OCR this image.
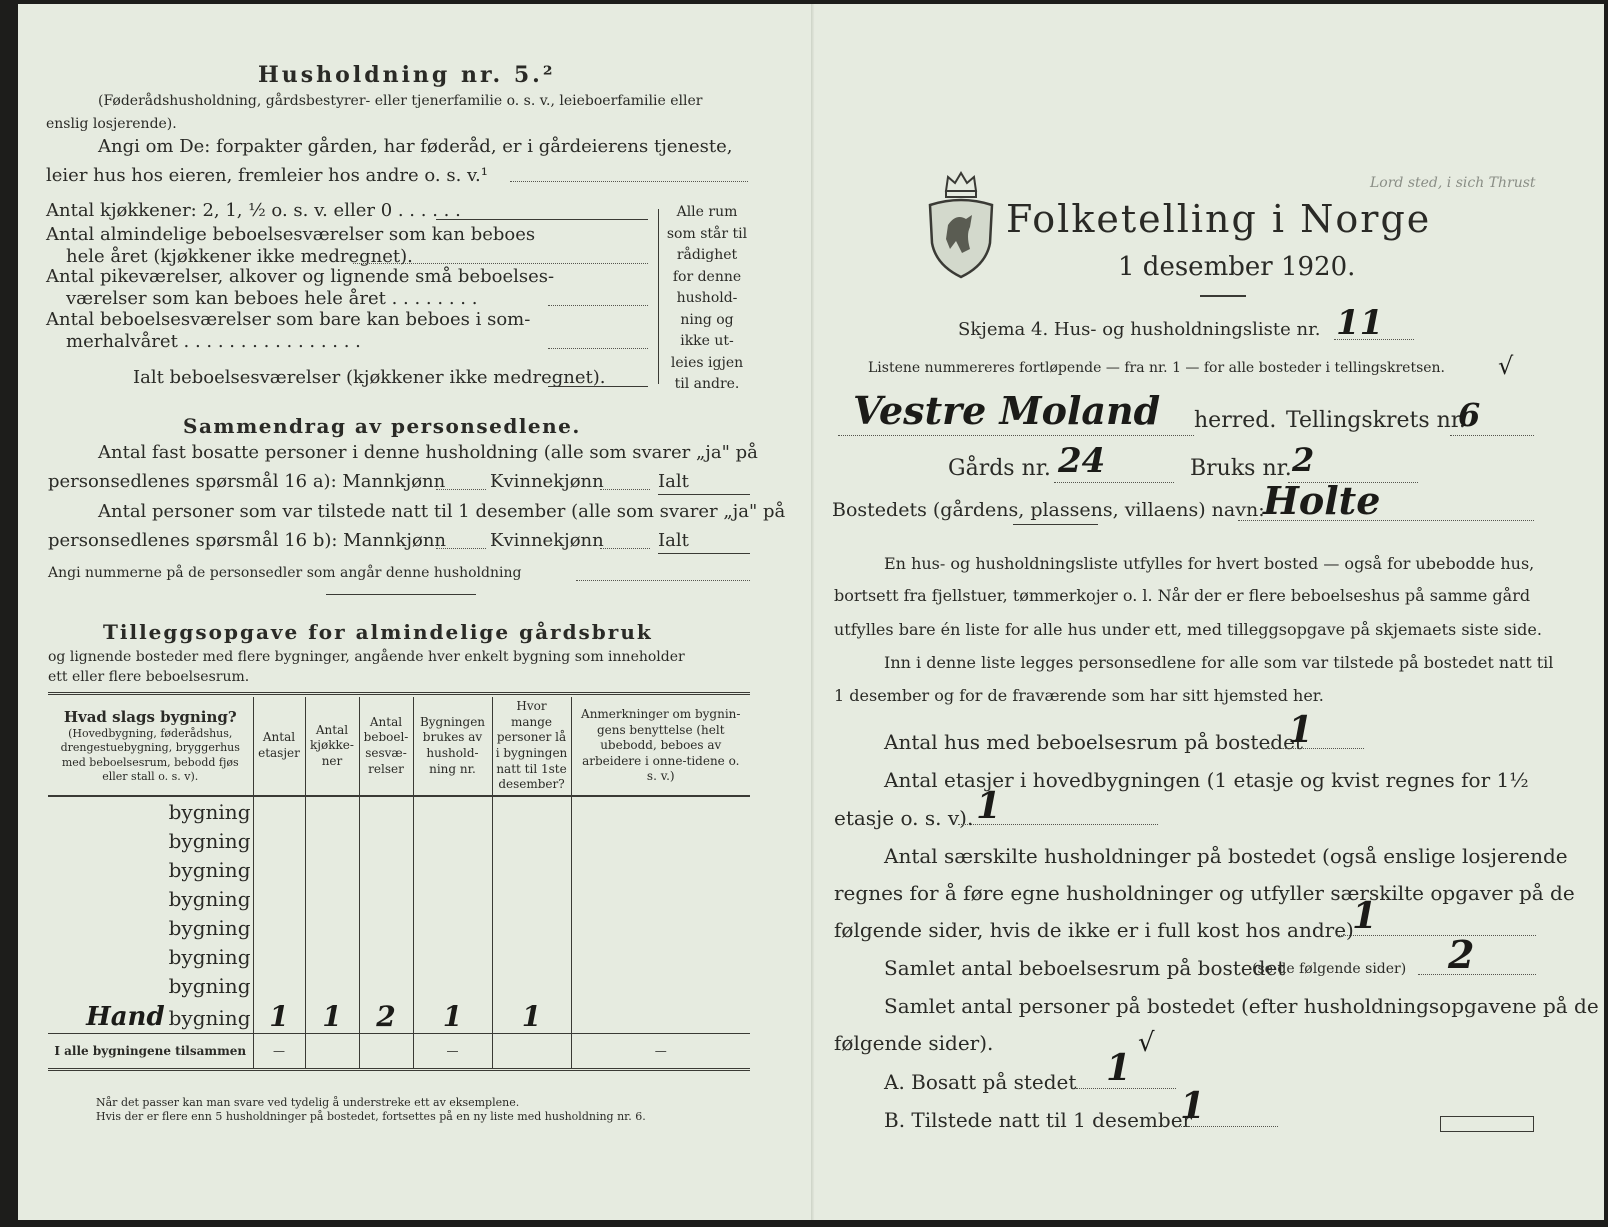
Husholdning nr. 5.²
(Føderådshusholdning, gårdsbestyrer- eller tjenerfamilie o. s. v., leieboerfamilie eller
enslig losjerende).
Angi om De: forpakter gården, har føderåd, er i gårdeierens tjeneste,
leier hus hos eieren, fremleier hos andre o. s. v.¹
Antal kjøkkener: 2, 1, ½ o. s. v. eller 0 . . . . . .
Antal almindelige beboelsesværelser som kan beboes
hele året (kjøkkener ikke medregnet).
Antal pikeværelser, alkover og lignende små beboelses-
værelser som kan beboes hele året . . . . . . . .
Antal beboelsesværelser som bare kan beboes i som-
merhalvåret . . . . . . . . . . . . . . . .
Ialt beboelsesværelser (kjøkkener ikke medregnet).
Alle rum
som står til
rådighet
for denne
hushold-
ning og
ikke ut-
leies igjen
til andre.
Sammendrag av personsedlene.
Antal fast bosatte personer i denne husholdning (alle som svarer „ja" på
personsedlenes spørsmål 16 a): Mannkjønn Kvinnekjønn	Ialt
Antal personer som var tilstede natt til 1 desember (alle som svarer „ja" på
personsedlenes spørsmål 16 b): Mannkjønn Kvinnekjønn	Ialt
Angi nummerne på de personsedler som angår denne husholdning
Tilleggsopgave for almindelige gårdsbruk
og lignende bosteder med flere bygninger, angående hver enkelt bygning som inneholder
ett eller flere beboelsesrum.
Hvad slags bygning?
(Hovedbygning, føderådshus, drengestuebygning, bryggerhus med beboelsesrum, bebodd fjøs eller stall o. s. v).	Antal etasjer	Antal kjøkke-ner	Antal beboel-sesvæ-relser	Bygningen brukes av hushold-ning nr.	Hvor mange personer lå i bygningen natt til 1ste desember?	Anmerkninger om bygnin-gens benyttelse (helt ubebodd, beboes av arbeidere i onne-tidene o. s. v.)
bygning						
bygning						
bygning						
bygning						
bygning						
bygning						
bygning						
Hand bygning	1	1	2	1	1	
I alle bygningene tilsammen	—			—		—
Når det passer kan man svare ved tydelig å understreke ett av eksemplene.
Hvis der er flere enn 5 husholdninger på bostedet, fortsettes på en ny liste med husholdning nr. 6.
Lord sted, i sich Thrust
Folketelling i Norge
1 desember 1920.
Skjema 4. Hus- og husholdningsliste nr. 11
Listene nummereres fortløpende — fra nr. 1 — for alle bosteder i tellingskretsen. √
Vestre Moland herred. Tellingskrets nr.
6
Gårds nr. 24	Bruks nr. 2
Bostedets (gårdens, plassens, villaens) navn:
Holte
En hus- og husholdningsliste utfylles for hvert bosted — også for ubebodde hus,
bortsett fra fjellstuer, tømmerkojer o. l. Når der er flere beboelseshus på samme gård
utfylles bare én liste for alle hus under ett, med tilleggsopgave på skjemaets siste side.
Inn i denne liste legges personsedlene for alle som var tilstede på bostedet natt til
1 desember og for de fraværende som har sitt hjemsted her.
Antal hus med beboelsesrum på bostedet
1
Antal etasjer i hovedbygningen (1 etasje og kvist regnes for 1½
etasje o. s. v). 1
Antal særskilte husholdninger på bostedet (også enslige losjerende
regnes for å føre egne husholdninger og utfyller særskilte opgaver på de
følgende sider, hvis de ikke er i full kost hos andre)
1
Samlet antal beboelsesrum på bostedet
(se de følgende sider) 2
Samlet antal personer på bostedet (efter husholdningsopgavene på de
følgende sider).
A. Bosatt på stedet 1
√
B. Tilstede natt til 1 desember
1
